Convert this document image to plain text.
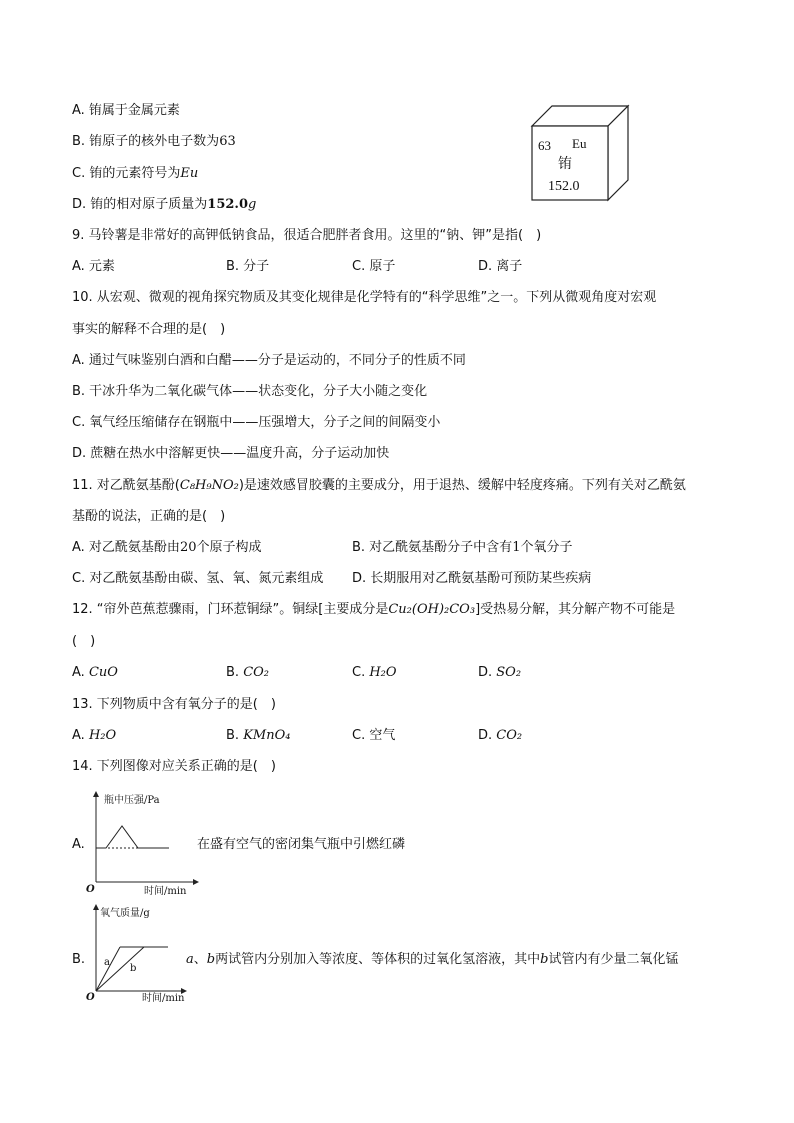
A. 铕属于金属元素
B. 铕原子的核外电子数为63
C. 铕的元素符号为Eu
D. 铕的相对原子质量为152.0g
63 Eu
铕
152.0
9. 马铃薯是非常好的高钾低钠食品，很适合肥胖者食用。这里的“钠、钾”是指(　)
A. 元素	B. 分子	C. 原子	D. 离子
10. 从宏观、微观的视角探究物质及其变化规律是化学特有的“科学思维”之一。下列从微观角度对宏观
事实的解释不合理的是(　)
A. 通过气味鉴别白酒和白醋——分子是运动的，不同分子的性质不同
B. 干冰升华为二氧化碳气体——状态变化，分子大小随之变化
C. 氧气经压缩储存在钢瓶中——压强增大，分子之间的间隔变小
D. 蔗糖在热水中溶解更快——温度升高，分子运动加快
11. 对乙酰氨基酚(C₈H₉NO₂)是速效感冒胶囊的主要成分，用于退热、缓解中轻度疼痛。下列有关对乙酰氨
基酚的说法，正确的是(　)
A. 对乙酰氨基酚由20个原子构成	B. 对乙酰氨基酚分子中含有1个氧分子
C. 对乙酰氨基酚由碳、氢、氧、氮元素组成 D. 长期服用对乙酰氨基酚可预防某些疾病
12. “帘外芭蕉惹骤雨，门环惹铜绿”。铜绿[主要成分是Cu₂(OH)₂CO₃]受热易分解，其分解产物不可能是
(　)
A. CuO	B. CO₂	C. H₂O	D. SO₂
13. 下列物质中含有氧分子的是(　)
A. H₂O	B. KMnO₄	C. 空气	D. CO₂
14. 下列图像对应关系正确的是(　)
A.
瓶中压强/Pa
时间/min
O
在盛有空气的密闭集气瓶中引燃红磷
B.
氧气质量/g
时间/min
O
a
b
a、b两试管内分别加入等浓度、等体积的过氧化氢溶液，其中b试管内有少量二氧化锰
